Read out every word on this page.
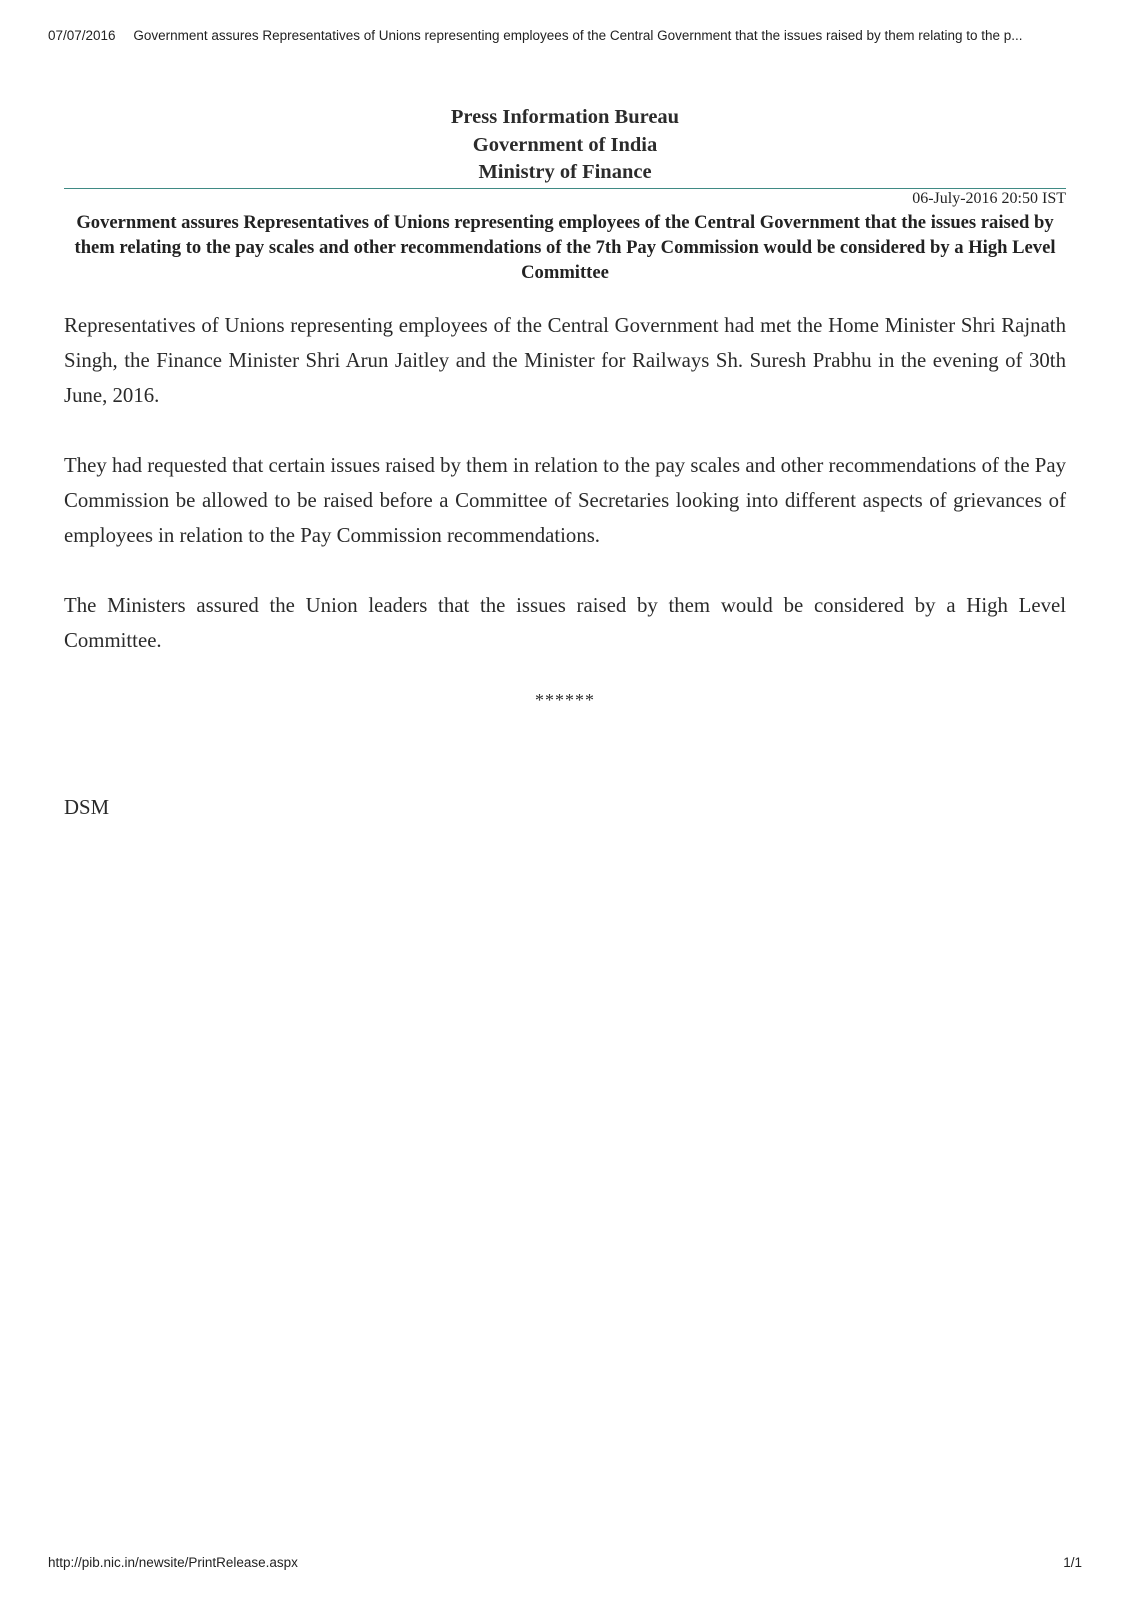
07/07/2016 Government assures Representatives of Unions representing employees of the Central Government that the issues raised by them relating to the p...
Press Information Bureau
Government of India
Ministry of Finance
06-July-2016 20:50 IST
Government assures Representatives of Unions representing employees of the Central Government that the issues raised by them relating to the pay scales and other recommendations of the 7th Pay Commission would be considered by a High Level Committee

Representatives of Unions representing employees of the Central Government had met the Home Minister Shri Rajnath Singh, the Finance Minister Shri Arun Jaitley and the Minister for Railways Sh. Suresh Prabhu in the evening of 30th June, 2016.

They had requested that certain issues raised by them in relation to the pay scales and other recommendations of the Pay Commission be allowed to be raised before a Committee of Secretaries looking into different aspects of grievances of employees in relation to the Pay Commission recommendations.

The Ministers assured the Union leaders that the issues raised by them would be considered by a High Level Committee.

******
DSM
http://pib.nic.in/newsite/PrintRelease.aspx	1/1
